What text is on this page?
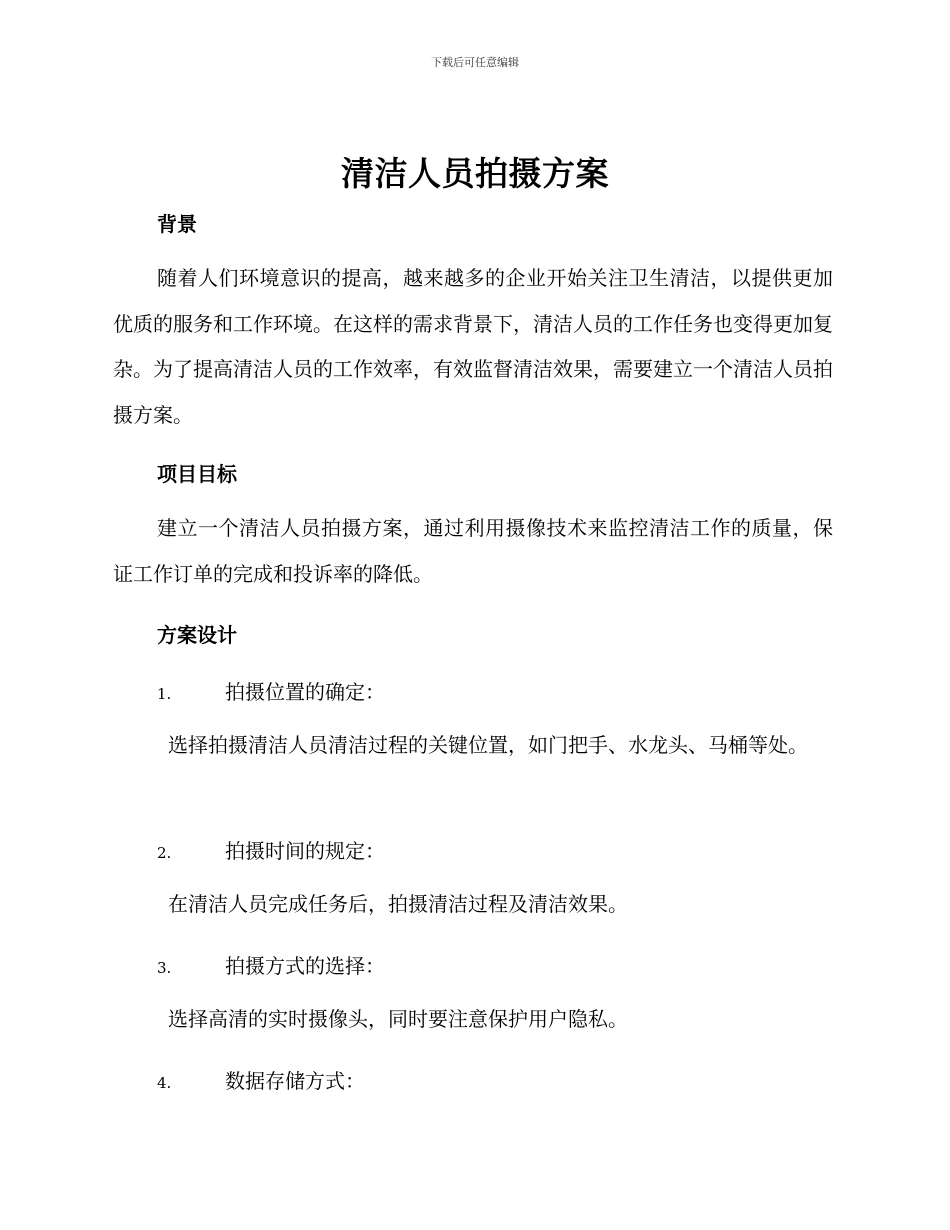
下载后可任意编辑
清洁人员拍摄方案
背景
随着人们环境意识的提高，越来越多的企业开始关注卫生清洁，以提供更加优质的服务和工作环境。在这样的需求背景下，清洁人员的工作任务也变得更加复杂。为了提高清洁人员的工作效率，有效监督清洁效果，需要建立一个清洁人员拍摄方案。
项目目标
建立一个清洁人员拍摄方案，通过利用摄像技术来监控清洁工作的质量，保证工作订单的完成和投诉率的降低。
方案设计
1.	拍摄位置的确定：
选择拍摄清洁人员清洁过程的关键位置，如门把手、水龙头、马桶等处。
2.	拍摄时间的规定：
在清洁人员完成任务后，拍摄清洁过程及清洁效果。
3.	拍摄方式的选择：
选择高清的实时摄像头，同时要注意保护用户隐私。
4.	数据存储方式：
